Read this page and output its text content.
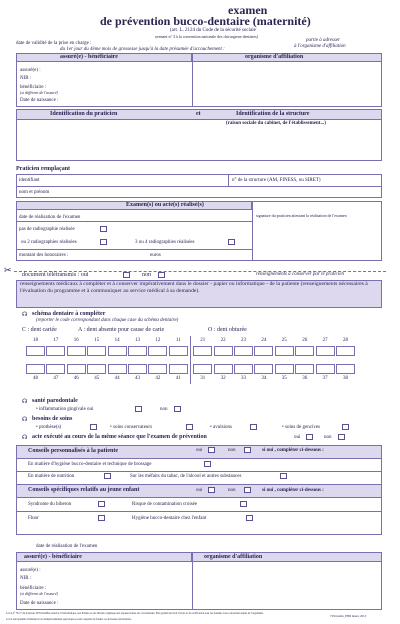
examen
de prévention bucco-dentaire (maternité)
(art. L. 2124 du Code de la sécurité sociale
avenant n° 3 à la convention nationale des chirurgiens-dentistes)
date de validité de la prise en charge :
du 1er jour du 4ème mois de grossesse jusqu'à la date présumée d'accouchement :
partie à adresser
à l'organisme d'affiliation
assuré(e) - bénéficiaire	organisme d'affiliation
assuré(e) :
NIR :
bénéficiaire :
(si différent de l'assuré)
Date de naissance :
Identification du praticien	et	Identification de la structure
(raison sociale du cabinet, de l'établissement...)
Praticien remplaçant
identifiant	n° de la structure (AM, FINESS, ou SIRET)
nom et prénom
Examen(s) ou acte(s) réalisé(s)
signature du praticien attestant la réalisation de l'examen
date de réalisation de l'examen
pas de radiographie réalisée
ou 2 radiographies réalisées	3 ou 4 radiographies réalisées
montant des honoraires :	euros
✂ document télétransmis : oui	non	renseignements à conserver par le praticien
renseignements médicaux à compléter et à conserver impérativement dans le dossier - papier ou informatique - de la patiente (renseignements nécessaires à l'évaluation du programme et à communiquer au service médical à sa demande).
☊ schéma dentaire à compléter
(reporter le code correspondant dans chaque case du schéma dentaire)
C : dent cariée	A : dent absente pour cause de carie	O : dent obturée
☊ santé parodontale
• inflammation gingivale oui	non
☊ besoins de soins
• prothèse(s)	• soins conservateurs	• avulsions	• soins de gencives
☊ acte exécuté au cours de la même séance que l'examen de prévention	oui	non
Conseils personnalisés à la patiente	oui	non	si oui , compléter ci-dessous :
En matière d'hygiène bucco-dentaire et technique de brossage
En matière de nutrition	Sur les méfaits du tabac, de l'alcool et autres substances
Conseils spécifiques relatifs au jeune enfant	oui	non	si oui , compléter ci-dessous :
Syndrome du biberon	Risque de contamination croisée
Fluor	Hygiène bucco-dentaire chez l'enfant
date de réalisation de l'examen
assuré(e) - bénéficiaire	organisme d'affiliation
assuré(e) :
NIR :
bénéficiaire :
(si différent de l'assuré)
Date de naissance :
La loi n° 78-17 du 6 janvier 1978 modifiée relative à l'informatique, aux fichiers et aux libertés s'applique aux réponses faites sur ce formulaire. Elle garantit un droit d'accès et de rectification pour les données vous concernant auprès de l'organisme.
La loi rend passible d'amende et/ou d'emprisonnement quiconque se rend coupable de fraudes ou de fausses déclarations.
723Cnamts_EBD mater. 2013
18	17	16	15	14	13	12	11	21	22	23	24	25	26	27	28
48	47	46	45	44	43	42	41	31	32	33	34	35	36	37	38
